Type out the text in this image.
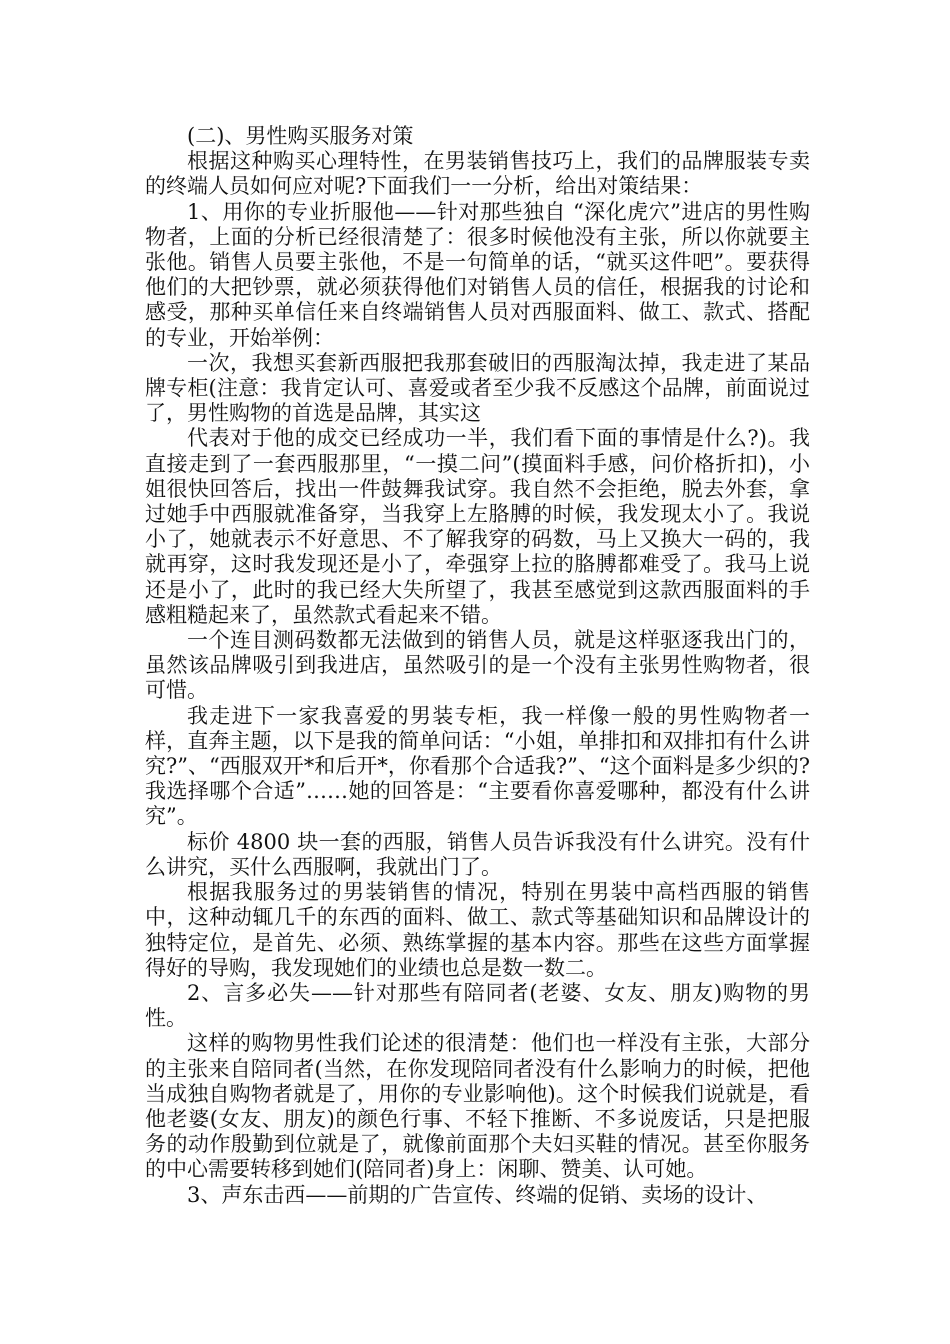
(二)、男性购买服务对策

根据这种购买心理特性，在男装销售技巧上，我们的品牌服装专卖的终端人员如何应对呢?下面我们一一分析，给出对策结果：

1、用你的专业折服他——针对那些独自 “深化虎穴”进店的男性购物者，上面的分析已经很清楚了：很多时候他没有主张，所以你就要主张他。销售人员要主张他，不是一句简单的话，“就买这件吧”。要获得他们的大把钞票，就必须获得他们对销售人员的信任，根据我的讨论和感受，那种买单信任来自终端销售人员对西服面料、做工、款式、搭配的专业，开始举例：

一次，我想买套新西服把我那套破旧的西服淘汰掉，我走进了某品牌专柜(注意：我肯定认可、喜爱或者至少我不反感这个品牌，前面说过了，男性购物的首选是品牌，其实这

代表对于他的成交已经成功一半，我们看下面的事情是什么?)。我直接走到了一套西服那里，“一摸二问”(摸面料手感，问价格折扣)，小姐很快回答后，找出一件鼓舞我试穿。我自然不会拒绝，脱去外套，拿过她手中西服就准备穿，当我穿上左胳膊的时候，我发现太小了。我说小了，她就表示不好意思、不了解我穿的码数，马上又换大一码的，我就再穿，这时我发现还是小了，牵强穿上拉的胳膊都难受了。我马上说还是小了，此时的我已经大失所望了，我甚至感觉到这款西服面料的手感粗糙起来了，虽然款式看起来不错。

一个连目测码数都无法做到的销售人员，就是这样驱逐我出门的，虽然该品牌吸引到我进店，虽然吸引的是一个没有主张男性购物者，很可惜。

我走进下一家我喜爱的男装专柜，我一样像一般的男性购物者一样，直奔主题，以下是我的简单问话：“小姐，单排扣和双排扣有什么讲究?”、“西服双开*和后开*，你看那个合适我?”、“这个面料是多少织的?我选择哪个合适”……她的回答是：“主要看你喜爱哪种，都没有什么讲究”。

标价 4800 块一套的西服，销售人员告诉我没有什么讲究。没有什么讲究，买什么西服啊，我就出门了。

根据我服务过的男装销售的情况，特别在男装中高档西服的销售中，这种动辄几千的东西的面料、做工、款式等基础知识和品牌设计的独特定位，是首先、必须、熟练掌握的基本内容。那些在这些方面掌握得好的导购，我发现她们的业绩也总是数一数二。

2、言多必失——针对那些有陪同者(老婆、女友、朋友)购物的男性。

这样的购物男性我们论述的很清楚：他们也一样没有主张，大部分的主张来自陪同者(当然，在你发现陪同者没有什么影响力的时候，把他当成独自购物者就是了，用你的专业影响他)。这个时候我们说就是，看他老婆(女友、朋友)的颜色行事、不轻下推断、不多说废话，只是把服务的动作殷勤到位就是了，就像前面那个夫妇买鞋的情况。甚至你服务的中心需要转移到她们(陪同者)身上：闲聊、赞美、认可她。

3、声东击西——前期的广告宣传、终端的促销、卖场的设计、
